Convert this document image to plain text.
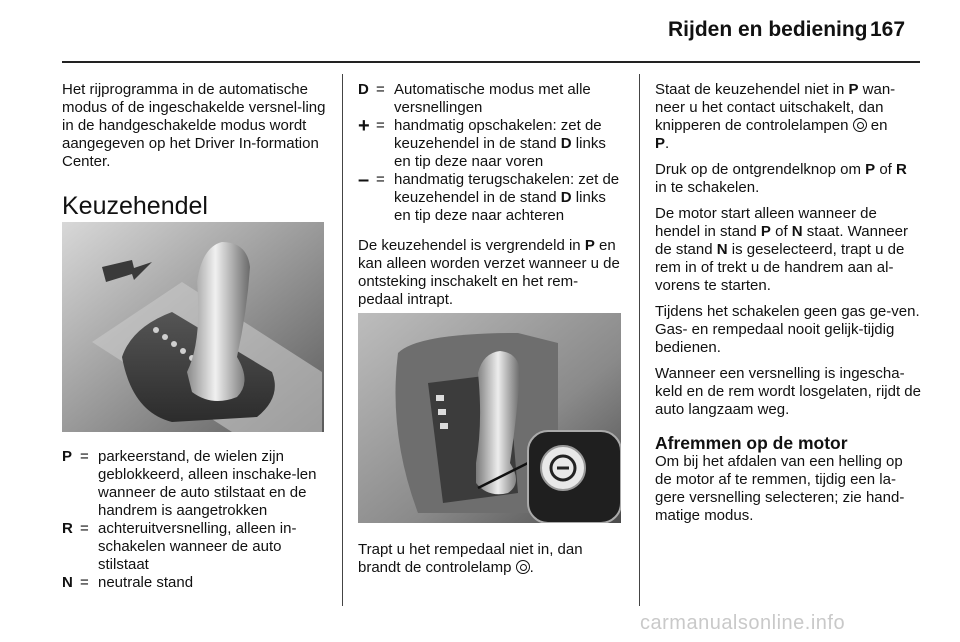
Rijden en bediening 167

Het rijprogramma in de automatische modus of de ingeschakelde versnel-ling in de handgeschakelde modus wordt aangegeven op het Driver In-formation Center.

Keuzehendel
P = parkeerstand, de wielen zijn geblokkeerd, alleen inschake-len wanneer de auto stilstaat en de handrem is aangetrokken
R = achteruitversnelling, alleen in-schakelen wanneer de auto stilstaat
N = neutrale stand
D = Automatische modus met alle versnellingen
+ = handmatig opschakelen: zet de keuzehendel in de stand D links en tip deze naar voren
– = handmatig terugschakelen: zet de keuzehendel in de stand D links en tip deze naar achteren

De keuzehendel is vergrendeld in P en kan alleen worden verzet wanneer u de ontsteking inschakelt en het rem-pedaal intrapt.

Trapt u het rempedaal niet in, dan brandt de controlelamp .

Staat de keuzehendel niet in P wan-neer u het contact uitschakelt, dan knipperen de controlelampen  en
P.

Druk op de ontgrendelknop om P of R in te schakelen.

De motor start alleen wanneer de hendel in stand P of N staat. Wanneer de stand N is geselecteerd, trapt u de rem in of trekt u de handrem aan al-vorens te starten.

Tijdens het schakelen geen gas ge-ven. Gas- en rempedaal nooit gelijk-tijdig bedienen.

Wanneer een versnelling is ingescha-keld en de rem wordt losgelaten, rijdt de auto langzaam weg.

Afremmen op de motor

Om bij het afdalen van een helling op de motor af te remmen, tijdig een la-gere versnelling selecteren; zie hand-matige modus.

carmanualsonline.info
